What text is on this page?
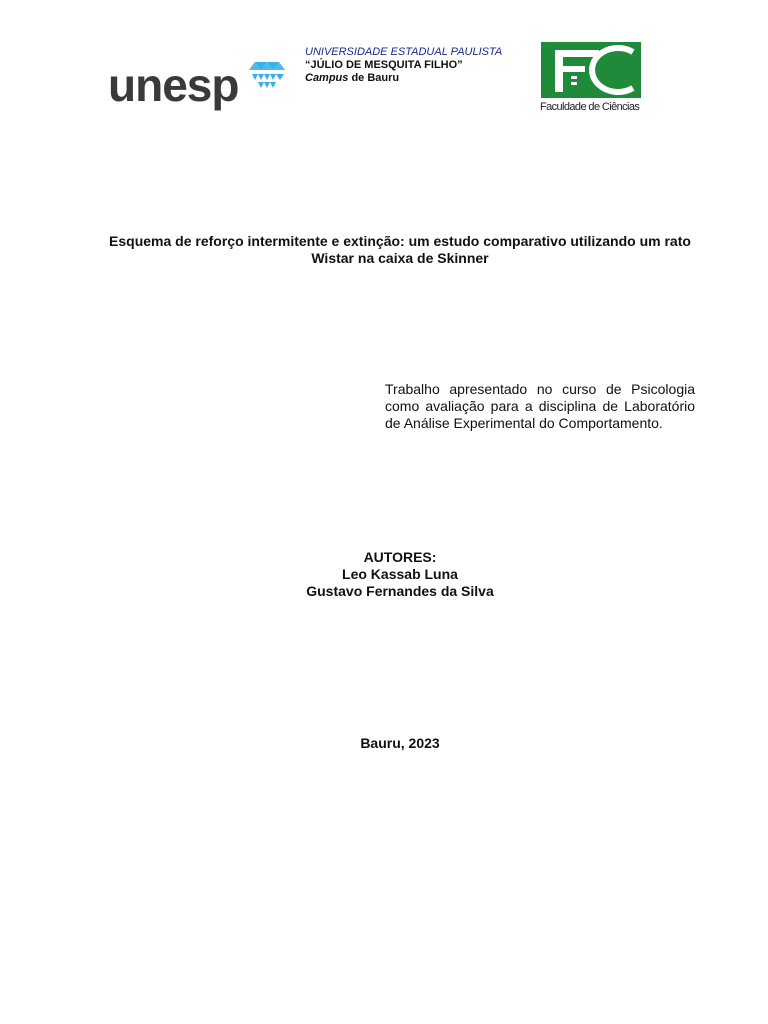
unesp
UNIVERSIDADE ESTADUAL PAULISTA
“JÚLIO DE MESQUITA FILHO”
Campus de Bauru
Faculdade de Ciências
Esquema de reforço intermitente e extinção: um estudo comparativo utilizando um rato Wistar na caixa de Skinner
Trabalho apresentado no curso de Psicologia como avaliação para a disciplina de Laboratório de Análise Experimental do Comportamento.
AUTORES:
Leo Kassab Luna
Gustavo Fernandes da Silva
Bauru, 2023
